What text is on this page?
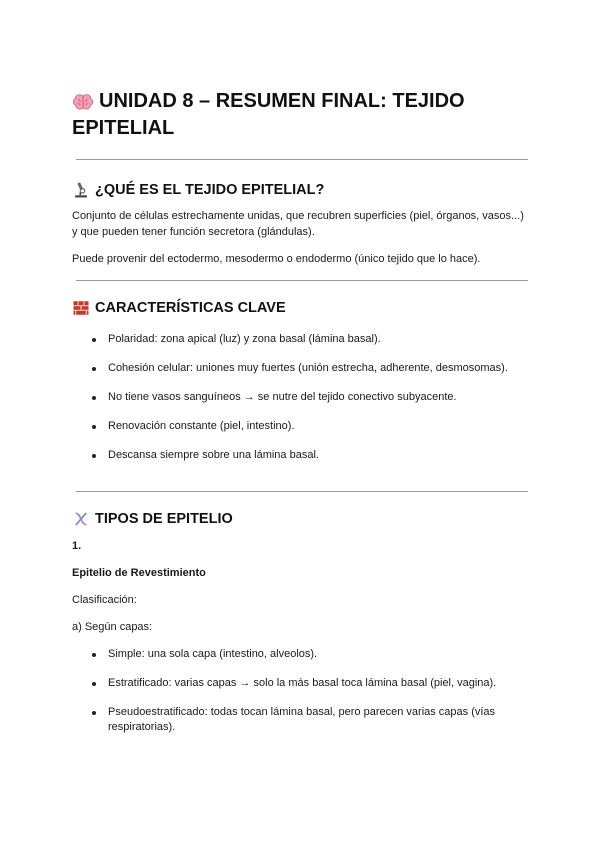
UNIDAD 8 – RESUMEN FINAL: TEJIDO EPITELIAL
¿QUÉ ES EL TEJIDO EPITELIAL?

Conjunto de células estrechamente unidas, que recubren superficies (piel, órganos, vasos...) y que pueden tener función secretora (glándulas).

Puede provenir del ectodermo, mesodermo o endodermo (único tejido que lo hace).

CARACTERÍSTICAS CLAVE
Polaridad: zona apical (luz) y zona basal (lámina basal).
Cohesión celular: uniones muy fuertes (unión estrecha, adherente, desmosomas).
No tiene vasos sanguíneos → se nutre del tejido conectivo subyacente.
Renovación constante (piel, intestino).
Descansa siempre sobre una lámina basal.
TIPOS DE EPITELIO

1.

Epitelio de Revestimiento

Clasificación:

a) Según capas:

Simple: una sola capa (intestino, alveolos).
Estratificado: varias capas → solo la más basal toca lámina basal (piel, vagina).
Pseudoestratificado: todas tocan lámina basal, pero parecen varias capas (vías respiratorias).
